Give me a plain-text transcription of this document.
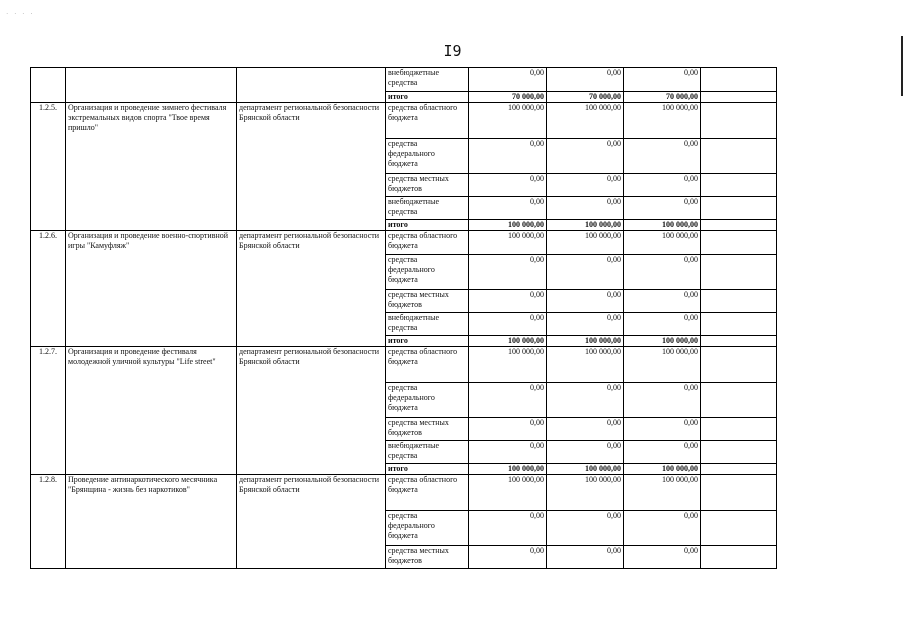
· · · ·
I9
			внебюджетные средства	0,00	0,00	0,00	
			итого	70 000,00	70 000,00	70 000,00	
1.2.5.	Организация и проведение зимнего фестиваля экстремальных видов спорта "Твое время пришло"	департамент региональной безопасности Брянской области	средства областного бюджета	100 000,00	100 000,00	100 000,00	
			средства федерального бюджета	0,00	0,00	0,00	
			средства местных бюджетов	0,00	0,00	0,00	
			внебюджетные средства	0,00	0,00	0,00	
			итого	100 000,00	100 000,00	100 000,00	
1.2.6.	Организация и проведение военно-спортивной игры "Камуфляж"	департамент региональной безопасности Брянской области	средства областного бюджета	100 000,00	100 000,00	100 000,00	
			средства федерального бюджета	0,00	0,00	0,00	
			средства местных бюджетов	0,00	0,00	0,00	
			внебюджетные средства	0,00	0,00	0,00	
			итого	100 000,00	100 000,00	100 000,00	
1.2.7.	Организация и проведение фестиваля молодежной уличной культуры "Life street"	департамент региональной безопасности Брянской области	средства областного бюджета	100 000,00	100 000,00	100 000,00	
			средства федерального бюджета	0,00	0,00	0,00	
			средства местных бюджетов	0,00	0,00	0,00	
			внебюджетные средства	0,00	0,00	0,00	
			итого	100 000,00	100 000,00	100 000,00	
1.2.8.	Проведение антинаркотического месячника "Брянщина - жизнь без наркотиков"	департамент региональной безопасности Брянской области	средства областного бюджета	100 000,00	100 000,00	100 000,00	
			средства федерального бюджета	0,00	0,00	0,00	
			средства местных бюджетов	0,00	0,00	0,00	
